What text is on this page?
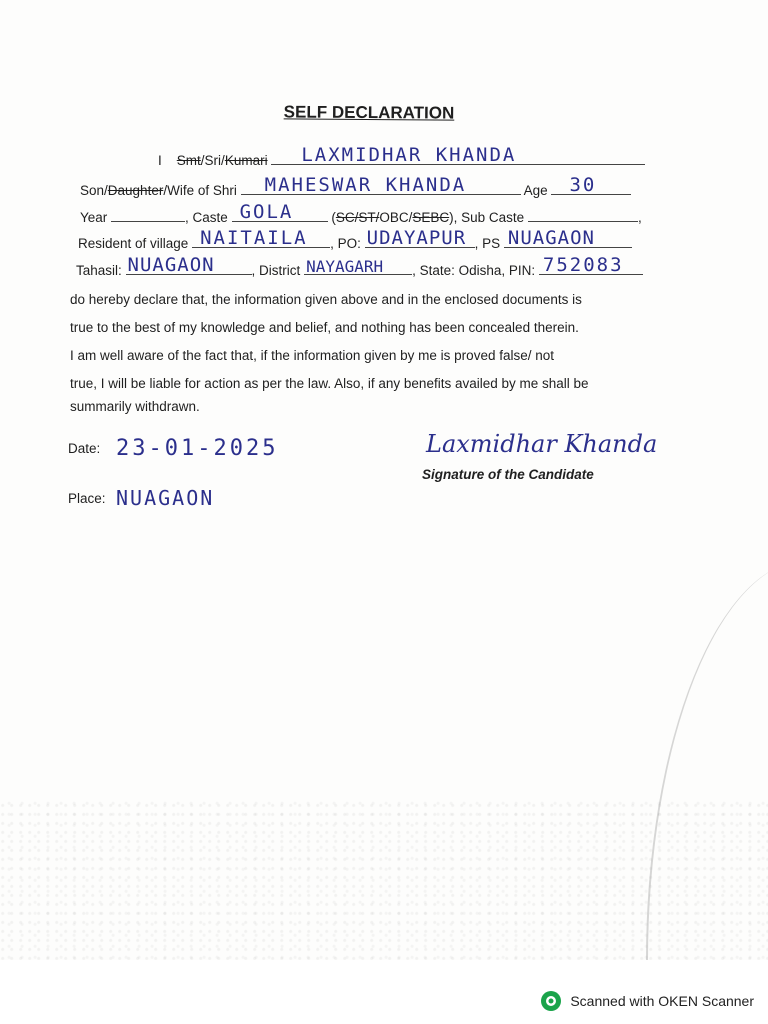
SELF DECLARATION
I Smt/Sri/Kumari LAXMIDHAR KHANDA
Son/Daughter/Wife of Shri MAHESWAR KHANDA	Age 30
Year	, Caste GOLA	(SC/ST/OBC/SEBC), Sub Caste	,
Resident of village NAITAILA , PO: UDAYAPUR , PS NUAGAON
Tahasil: NUAGAON	, District NAYAGARH , State: Odisha, PIN: 752083
do hereby declare that, the information given above and in the enclosed documents is
true to the best of my knowledge and belief, and nothing has been concealed therein.
I am well aware of the fact that, if the information given by me is proved false/ not
true, I will be liable for action as per the law. Also, if any benefits availed by me shall be
summarily withdrawn.
Date: 23-01-2025	Laxmidhar Khanda
Signature of the Candidate
Place: NUAGAON
Scanned with OKEN Scanner
